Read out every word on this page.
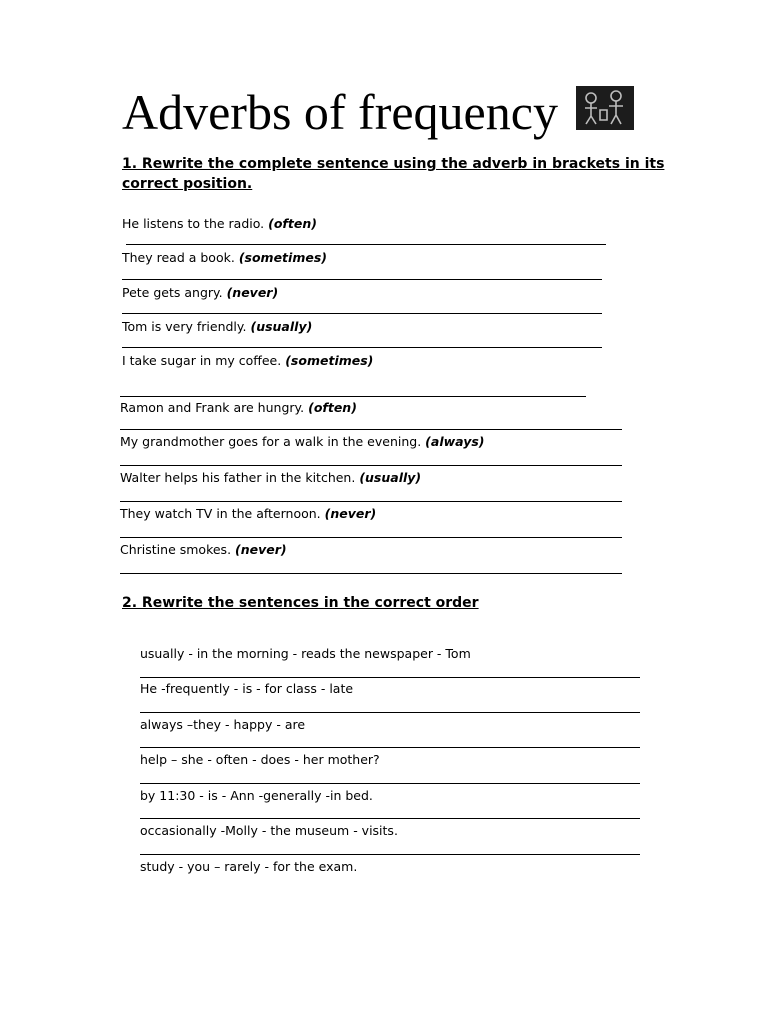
Adverbs of frequency

1. Rewrite the complete sentence using the adverb in brackets in its

correct position.

He listens to the radio. (often)

They read a book. (sometimes)

Pete gets angry. (never)

Tom is very friendly. (usually)

I take sugar in my coffee. (sometimes)

Ramon and Frank are hungry. (often)

My grandmother goes for a walk in the evening. (always)

Walter helps his father in the kitchen. (usually)

They watch TV in the afternoon. (never)

Christine smokes. (never)

2. Rewrite the sentences in the correct order

usually - in the morning - reads the newspaper - Tom

He -frequently - is - for class - late

always –they - happy - are

help – she - often - does - her mother?

by 11:30 - is - Ann -generally -in bed.

occasionally -Molly - the museum - visits.

study - you – rarely - for the exam.
